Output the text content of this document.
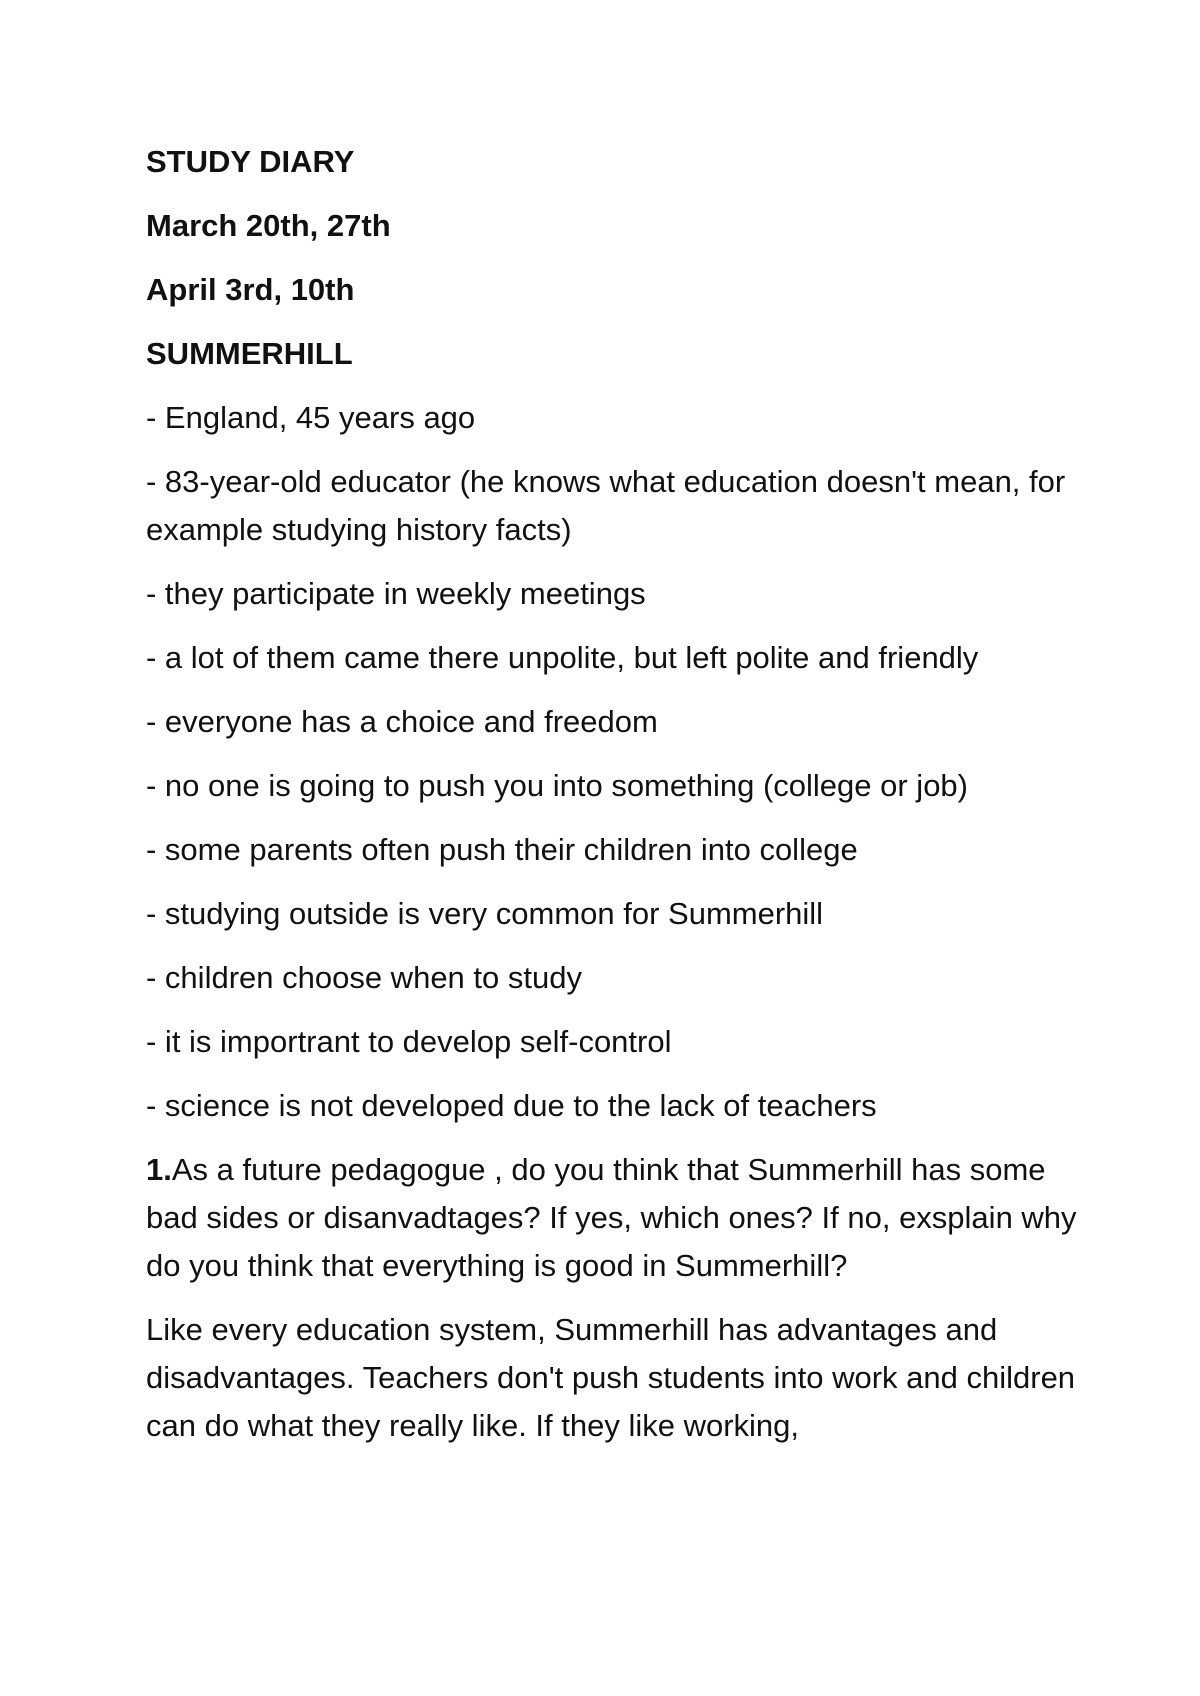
STUDY DIARY
March 20th, 27th
April 3rd, 10th
SUMMERHILL
- England, 45 years ago
- 83-year-old educator (he knows what education doesn't mean, for example studying history facts)
- they participate in weekly meetings
- a lot of them came there unpolite, but left polite and friendly
- everyone has a choice and freedom
- no one is going to push you into something (college or job)
- some parents often push their children into college
- studying outside is very common for Summerhill
- children choose when to study
- it is importrant to develop self-control
- science is not developed due to the lack of teachers
1.As a future pedagogue , do you think that Summerhill has some bad sides or disanvadtages? If yes, which ones? If no, exsplain why do you think that everything is good in Summerhill?
Like every education system, Summerhill has advantages and disadvantages. Teachers don't push students into work and children can do what they really like. If they like working,
